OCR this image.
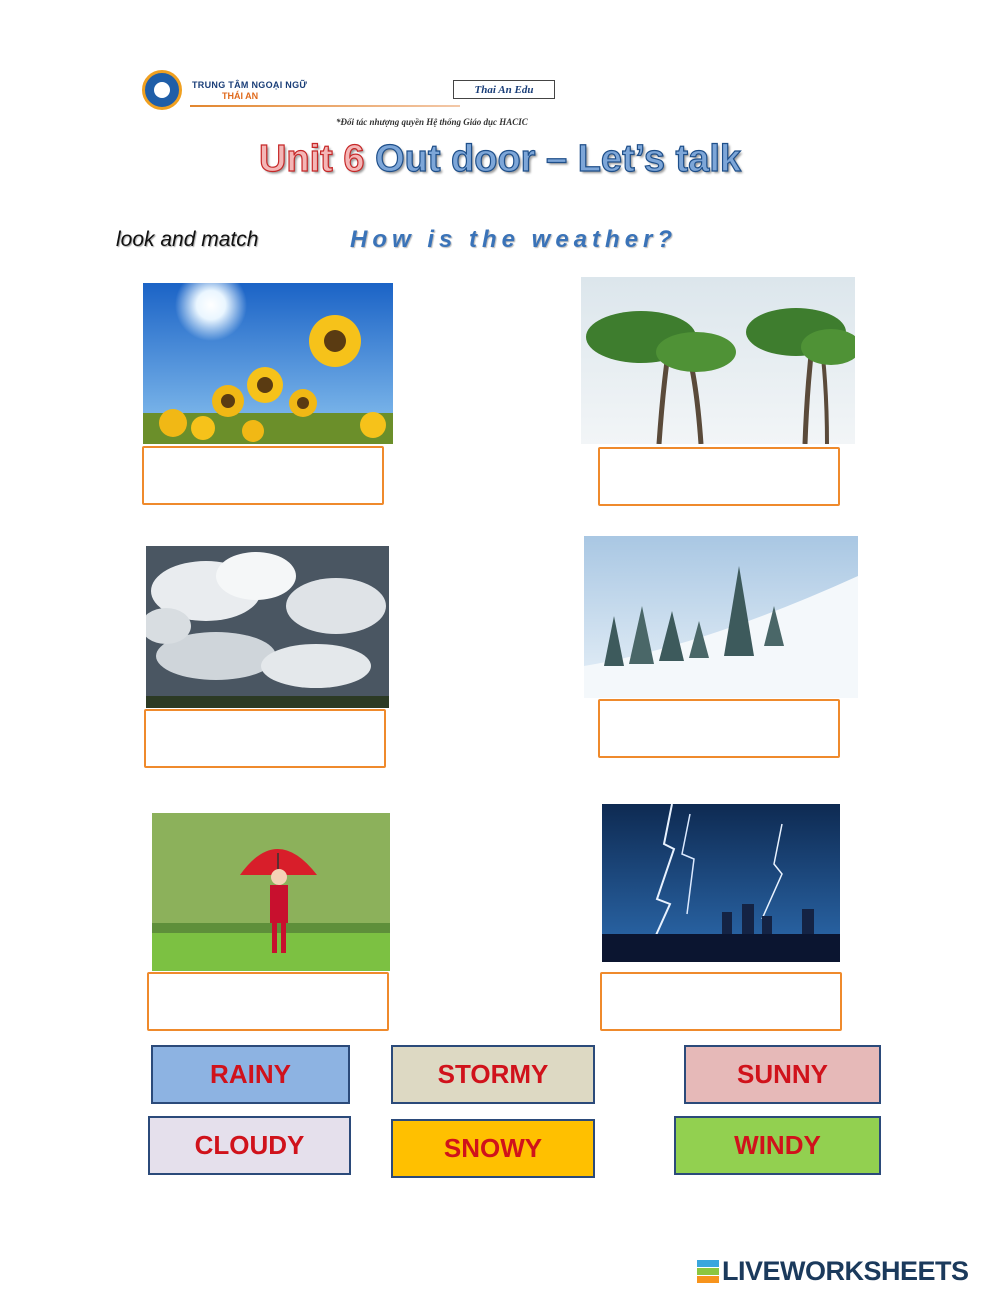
TRUNG TÂM NGOẠI NGỮ
THÁI AN
Thai An Edu
*Đối tác nhượng quyền Hệ thống Giáo dục HACIC
Unit 6 Out door – Let’s talk
look and match	How is the weather?
RAINY	STORMY	SUNNY
CLOUDY	SNOWY	WINDY
LIVEWORKSHEETS
